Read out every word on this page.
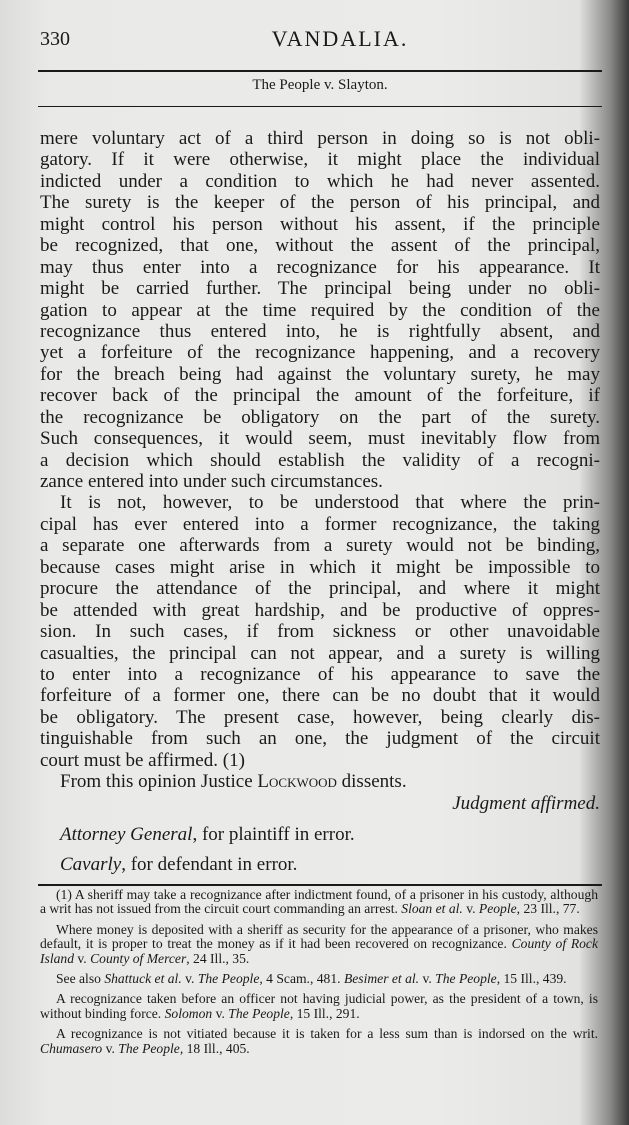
330	VANDALIA.
The People v. Slayton.
mere voluntary act of a third person in doing so is not obli-
gatory. If it were otherwise, it might place the individual
indicted under a condition to which he had never assented.
The surety is the keeper of the person of his principal, and
might control his person without his assent, if the principle
be recognized, that one, without the assent of the principal,
may thus enter into a recognizance for his appearance. It
might be carried further. The principal being under no obli-
gation to appear at the time required by the condition of the
recognizance thus entered into, he is rightfully absent, and
yet a forfeiture of the recognizance happening, and a recovery
for the breach being had against the voluntary surety, he may
recover back of the principal the amount of the forfeiture, if
the recognizance be obligatory on the part of the surety.
Such consequences, it would seem, must inevitably flow from
a decision which should establish the validity of a recogni-
zance entered into under such circumstances.
It is not, however, to be understood that where the prin-
cipal has ever entered into a former recognizance, the taking
a separate one afterwards from a surety would not be binding,
because cases might arise in which it might be impossible to
procure the attendance of the principal, and where it might
be attended with great hardship, and be productive of oppres-
sion. In such cases, if from sickness or other unavoidable
casualties, the principal can not appear, and a surety is willing
to enter into a recognizance of his appearance to save the
forfeiture of a former one, there can be no doubt that it would
be obligatory. The present case, however, being clearly dis-
tinguishable from such an one, the judgment of the circuit
court must be affirmed. (1)
From this opinion Justice Lockwood dissents.
Judgment affirmed.
Attorney General, for plaintiff in error.
Cavarly, for defendant in error.

(1) A sheriff may take a recognizance after indictment found, of a prisoner in his custody, although a writ has not issued from the circuit court commanding an arrest. Sloan et al. v. People, 23 Ill., 77.

Where money is deposited with a sheriff as security for the appearance of a prisoner, who makes default, it is proper to treat the money as if it had been recovered on recognizance. County of Rock Island v. County of Mercer, 24 Ill., 35.

See also Shattuck et al. v. The People, 4 Scam., 481. Besimer et al. v. The People, 15 Ill., 439.

A recognizance taken before an officer not having judicial power, as the president of a town, is without binding force. Solomon v. The People, 15 Ill., 291.

A recognizance is not vitiated because it is taken for a less sum than is indorsed on the writ. Chumasero v. The People, 18 Ill., 405.
